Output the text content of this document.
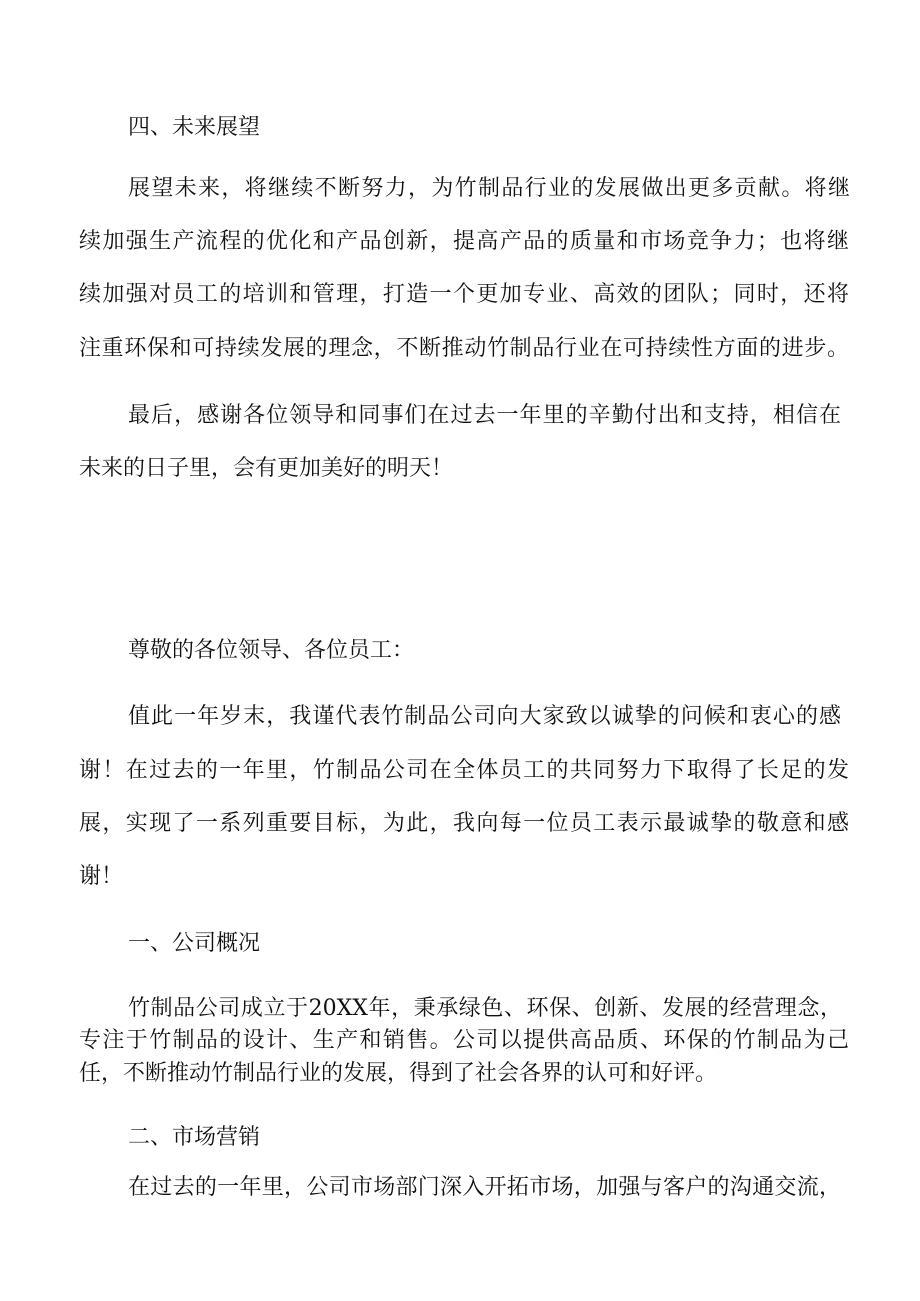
四、未来展望

展望未来，将继续不断努力，为竹制品行业的发展做出更多贡献。将继

续加强生产流程的优化和产品创新，提高产品的质量和市场竞争力；也将继

续加强对员工的培训和管理，打造一个更加专业、高效的团队；同时，还将

注重环保和可持续发展的理念，不断推动竹制品行业在可持续性方面的进步。

最后，感谢各位领导和同事们在过去一年里的辛勤付出和支持，相信在

未来的日子里，会有更加美好的明天！

尊敬的各位领导、各位员工：

值此一年岁末，我谨代表竹制品公司向大家致以诚挚的问候和衷心的感

谢！在过去的一年里，竹制品公司在全体员工的共同努力下取得了长足的发

展，实现了一系列重要目标，为此，我向每一位员工表示最诚挚的敬意和感

谢！

一、公司概况

竹制品公司成立于20XX年，秉承绿色、环保、创新、发展的经营理念，

专注于竹制品的设计、生产和销售。公司以提供高品质、环保的竹制品为己

任，不断推动竹制品行业的发展，得到了社会各界的认可和好评。

二、市场营销

在过去的一年里，公司市场部门深入开拓市场，加强与客户的沟通交流，
